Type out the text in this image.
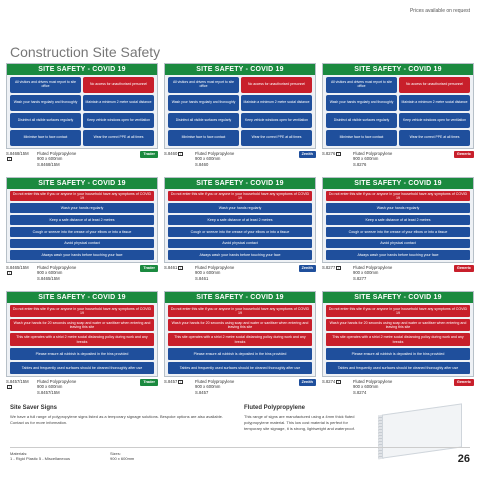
Prices available on request
Construction Site Safety
SITE SAFETY - COVID 19
All visitors and drivers must report to site office	No access for unauthorised personnel
Wash your hands regularly and thoroughly Maintain a minimum 2 metre social distance
Disinfect all visible surfaces regularly	Keep vehicle windows open for ventilation
Minimise face to face contact	Wear the correct PPE at all times
S.8468/15Mi
Fluted Polypropylene
900 x 600mm
S.8468/15M
Trader
SITE SAFETY - COVID 19
All visitors and drivers must report to site office	No access for unauthorised personnel
Wash your hands regularly and thoroughly Maintain a minimum 2 metre social distance
Disinfect all visible surfaces regularly	Keep vehicle windows open for ventilation
Minimise face to face contact	Wear the correct PPE at all times
S.8460 i	Fluted Polypropylene
900 x 600mm
S.8460
Zenith
SITE SAFETY - COVID 19
All visitors and drivers must report to site office	No access for unauthorised personnel
Wash your hands regularly and thoroughly Maintain a minimum 2 metre social distance
Disinfect all visible surfaces regularly	Keep vehicle windows open for ventilation
Minimise face to face contact	Wear the correct PPE at all times
S.8276 i	Fluted Polypropylene
900 x 600mm
S.8276
Generic
SITE SAFETY - COVID 19
Do not enter this site if you or anyone in your household have any symptoms of COVID 19
Wash your hands regularly
Keep a safe distance of at least 2 metres
Cough or sneeze into the crease of your elbow or into a tissue
Avoid physical contact
Always wash your hands before touching your face
S.8465/15Mi
Fluted Polypropylene
900 x 600mm
S.8465/15M
Trader
SITE SAFETY - COVID 19
Do not enter this site if you or anyone in your household have any symptoms of COVID 19
Wash your hands regularly
Keep a safe distance of at least 2 metres
Cough or sneeze into the crease of your elbow or into a tissue
Avoid physical contact
Always wash your hands before touching your face
S.8461 i	Fluted Polypropylene
900 x 600mm
S.8461
Zenith
SITE SAFETY - COVID 19
Do not enter this site if you or anyone in your household have any symptoms of COVID 19
Wash your hands regularly
Keep a safe distance of at least 2 metres
Cough or sneeze into the crease of your elbow or into a tissue
Avoid physical contact
Always wash your hands before touching your face
S.8277 i	Fluted Polypropylene
900 x 600mm
S.8277
Generic
SITE SAFETY - COVID 19
Do not enter this site if you or anyone in your household have any symptoms of COVID 19
Wash your hands for 20 seconds using soap and water or sanitiser when entering and leaving this site
This site operates with a strict 2 metre social distancing policy during work and any breaks
Please ensure all rubbish is deposited in the bins provided
Tables and frequently used surfaces should be cleaned thoroughly after use
S.8457/15Mi
Fluted Polypropylene
900 x 600mm
S.8457/15M
Trader
SITE SAFETY - COVID 19
Do not enter this site if you or anyone in your household have any symptoms of COVID 19
Wash your hands for 20 seconds using soap and water or sanitiser when entering and leaving this site
This site operates with a strict 2 metre social distancing policy during work and any breaks
Please ensure all rubbish is deposited in the bins provided
Tables and frequently used surfaces should be cleaned thoroughly after use
S.8457 i	Fluted Polypropylene
900 x 600mm
S.8457
Zenith
SITE SAFETY - COVID 19
Do not enter this site if you or anyone in your household have any symptoms of COVID 19
Wash your hands for 20 seconds using soap and water or sanitiser when entering and leaving this site
This site operates with a strict 2 metre social distancing policy during work and any breaks
Please ensure all rubbish is deposited in the bins provided
Tables and frequently used surfaces should be cleaned thoroughly after use
S.8274 i	Fluted Polypropylene
900 x 600mm
S.8274
Generic
Site Saver Signs

We have a full range of polypropylene signs listed as a temporary signage solutions. Bespoke options are also available. Contact us for more information.

Fluted Polypropylene

This range of signs are manufactured using a 4mm thick fluted polypropylene material. This low cost material is perfect for temporary site signage, it is strong, lightweight and waterproof.

Materials:
1 - Rigid Plastic 5 - Miscellaneous
Sizes:
900 x 600mm	26
